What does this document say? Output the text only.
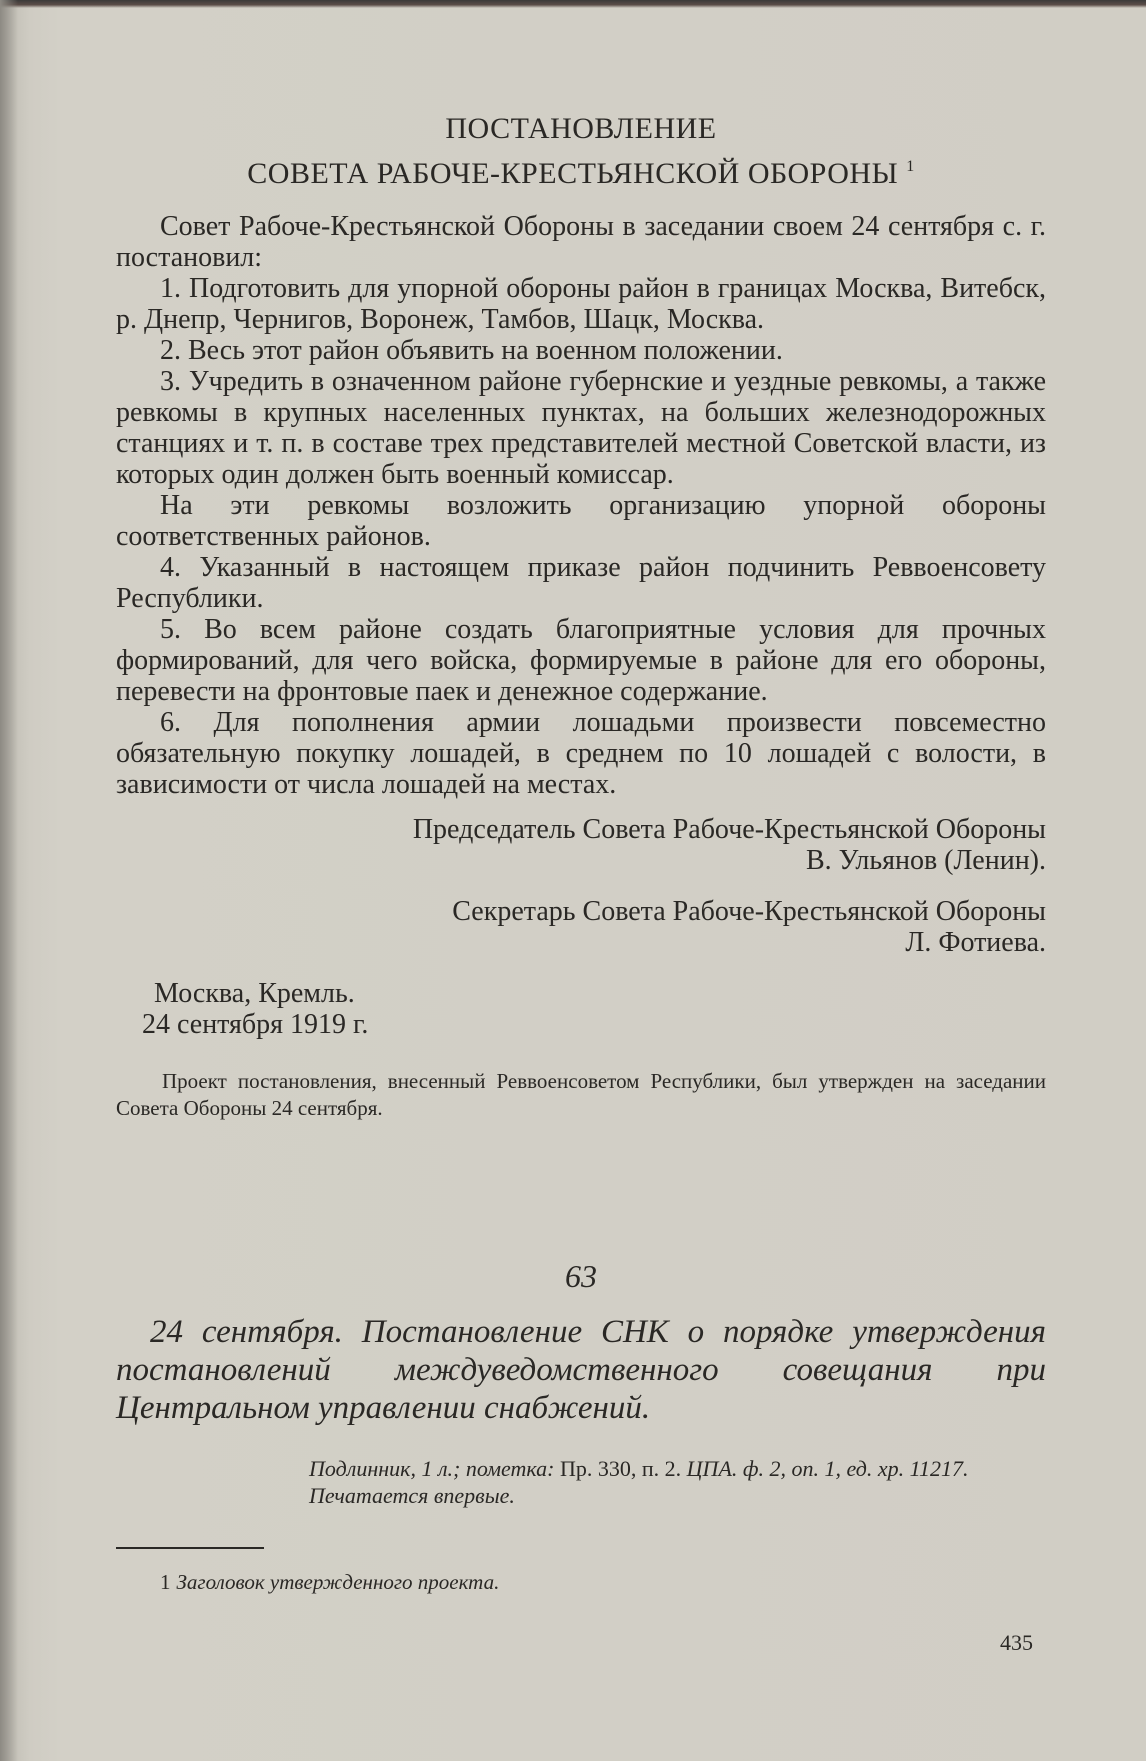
ПОСТАНОВЛЕНИЕ
СОВЕТА РАБОЧЕ-КРЕСТЬЯНСКОЙ ОБОРОНЫ $^1$

Совет Рабоче-Крестьянской Обороны в заседании своем 24 сентября с. г. постановил:

1. Подготовить для упорной обороны район в границах Москва, Витебск, р. Днепр, Чернигов, Воронеж, Тамбов, Шацк, Москва.

2. Весь этот район объявить на военном положении.

3. Учредить в означенном районе губернские и уездные ревкомы, а также ревкомы в крупных населенных пунктах, на больших железнодорожных станциях и т. п. в составе трех представителей местной Советской власти, из которых один должен быть военный комиссар.

На эти ревкомы возложить организацию упорной обороны соответственных районов.

4. Указанный в настоящем приказе район подчинить Реввоенсовету Республики.

5. Во всем районе создать благоприятные условия для прочных формирований, для чего войска, формируемые в районе для его обороны, перевести на фронтовые паек и денежное содержание.

6. Для пополнения армии лошадьми произвести повсеместно обязательную покупку лошадей, в среднем по 10 лошадей с волости, в зависимости от числа лошадей на местах.

Председатель Совета Рабоче-Крестьянской Обороны
В. Ульянов (Ленин).
Секретарь Совета Рабоче-Крестьянской Обороны
Л. Фотиева.
Москва, Кремль.
24 сентября 1919 г.
Проект постановления, внесенный Реввоенсоветом Республики, был утвержден на заседании Совета Обороны 24 сентября.
63
24 сентября. Постановление СНК о порядке утверждения постановлений междуведомственного совещания при Центральном управлении снабжений.
Подлинник, 1 л.; пометка: Пр. 330, п. 2. ЦПА. ф. 2, оп. 1, ед. хр. 11217.
Печатается впервые.
1 Заголовок утвержденного проекта.
435
